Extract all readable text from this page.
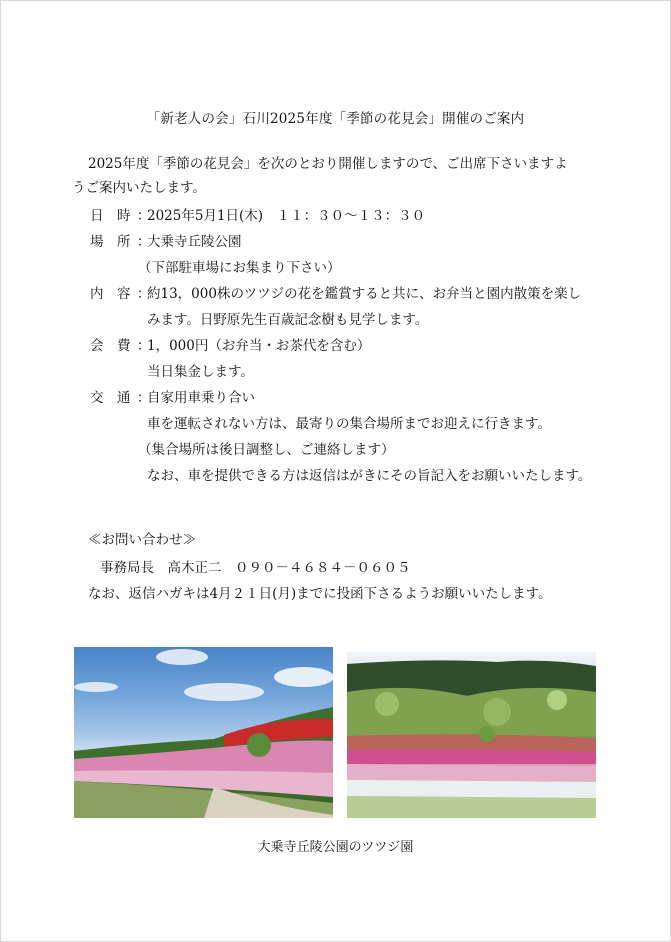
「新老人の会」石川2025年度「季節の花見会」開催のご案内
2025年度「季節の花見会」を次のとおり開催しますので、ご出席下さいますよ
うご案内いたします。
日　時 ：
2025年5月1日(木)　１１：３０～１３：３０
場　所 ：
大乗寺丘陵公園
（下部駐車場にお集まり下さい）
内　容 ：
約13，000株のツツジの花を鑑賞すると共に、お弁当と園内散策を楽し
みます。日野原先生百歳記念樹も見学します。
会　費 ：
1，000円（お弁当・お茶代を含む）
当日集金します。
交　通 ：
自家用車乗り合い
車を運転されない方は、最寄りの集合場所までお迎えに行きます。
（集合場所は後日調整し、ご連絡します）
なお、車を提供できる方は返信はがきにその旨記入をお願いいたします。
≪お問い合わせ≫
事務局長　高木正二　０９０－４６８４－０６０５
なお、返信ハガキは4月２１日(月)までに投函下さるようお願いいたします。
大乗寺丘陵公園のツツジ園
